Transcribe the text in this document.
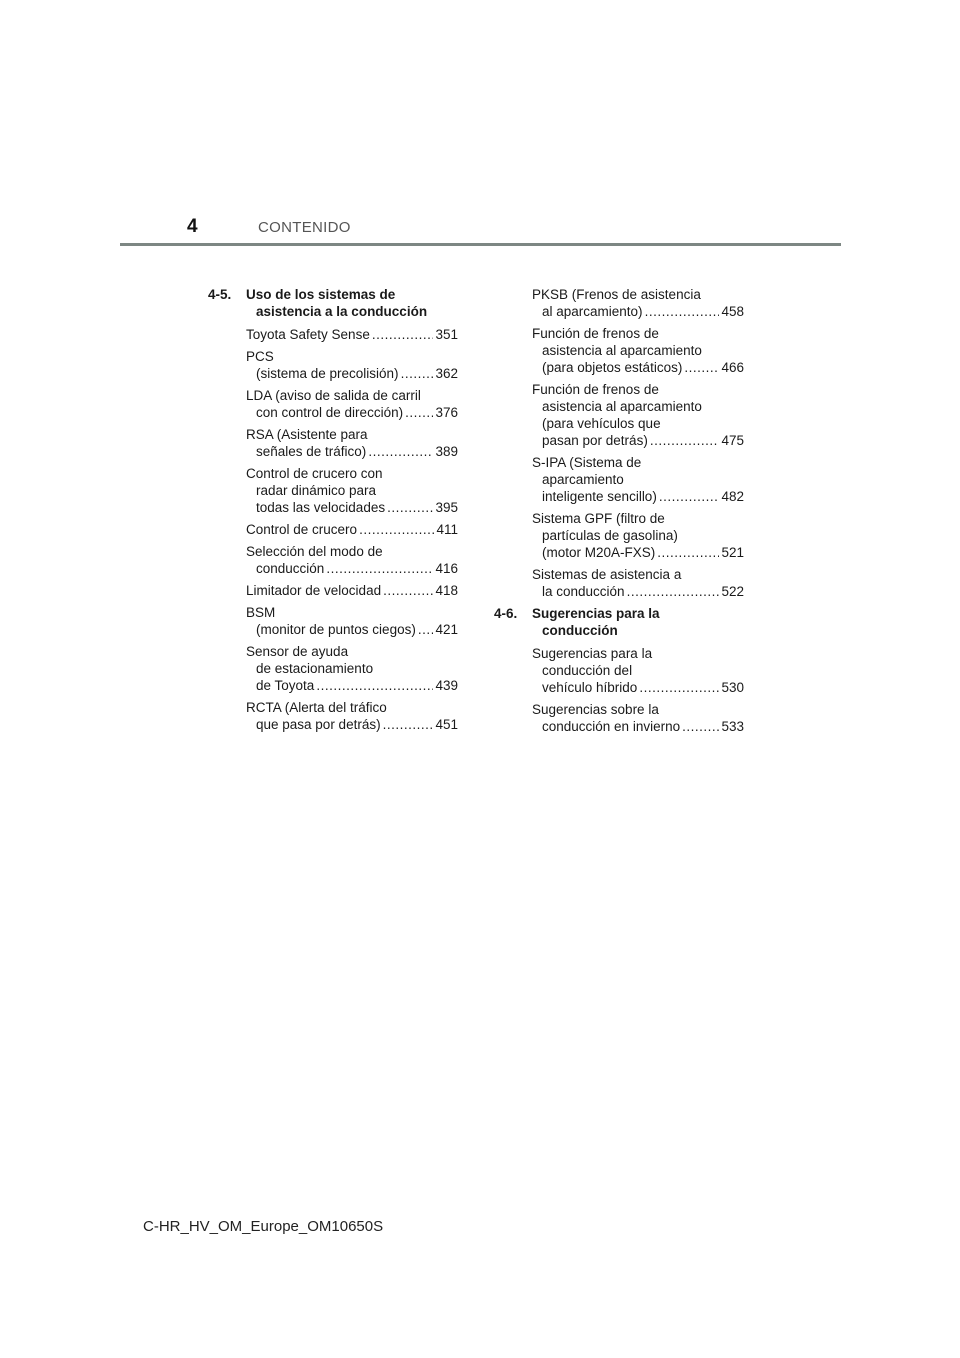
4	CONTENIDO
4-5. Uso de los sistemas de
asistencia a la conducción
Toyota Safety Sense .....	351
PCS
(sistema de precolisión) .....	362
LDA (aviso de salida de carril
con control de dirección) ..... 376
RSA (Asistente para
señales de tráfico) .....	389
Control de crucero con
radar dinámico para
todas las velocidades .....	395
Control de crucero .....	411
Selección del modo de
conducción .....	416
Limitador de velocidad .....	418
BSM
(monitor de puntos ciegos) ..... 421
Sensor de ayuda
de estacionamiento
de Toyota .....	439
RCTA (Alerta del tráfico
que pasa por detrás) .....	451
PKSB (Frenos de asistencia
al aparcamiento) .....	458
Función de frenos de
asistencia al aparcamiento
(para objetos estáticos) .....	466
Función de frenos de
asistencia al aparcamiento
(para vehículos que
pasan por detrás) .....	475
S-IPA (Sistema de
aparcamiento
inteligente sencillo) .....	482
Sistema GPF (filtro de
partículas de gasolina)
(motor M20A-FXS) .....	521
Sistemas de asistencia a
la conducción .....	522
4-6. Sugerencias para la
conducción
Sugerencias para la
conducción del
vehículo híbrido .....	530
Sugerencias sobre la
conducción en invierno .....	533
C-HR_HV_OM_Europe_OM10650S
